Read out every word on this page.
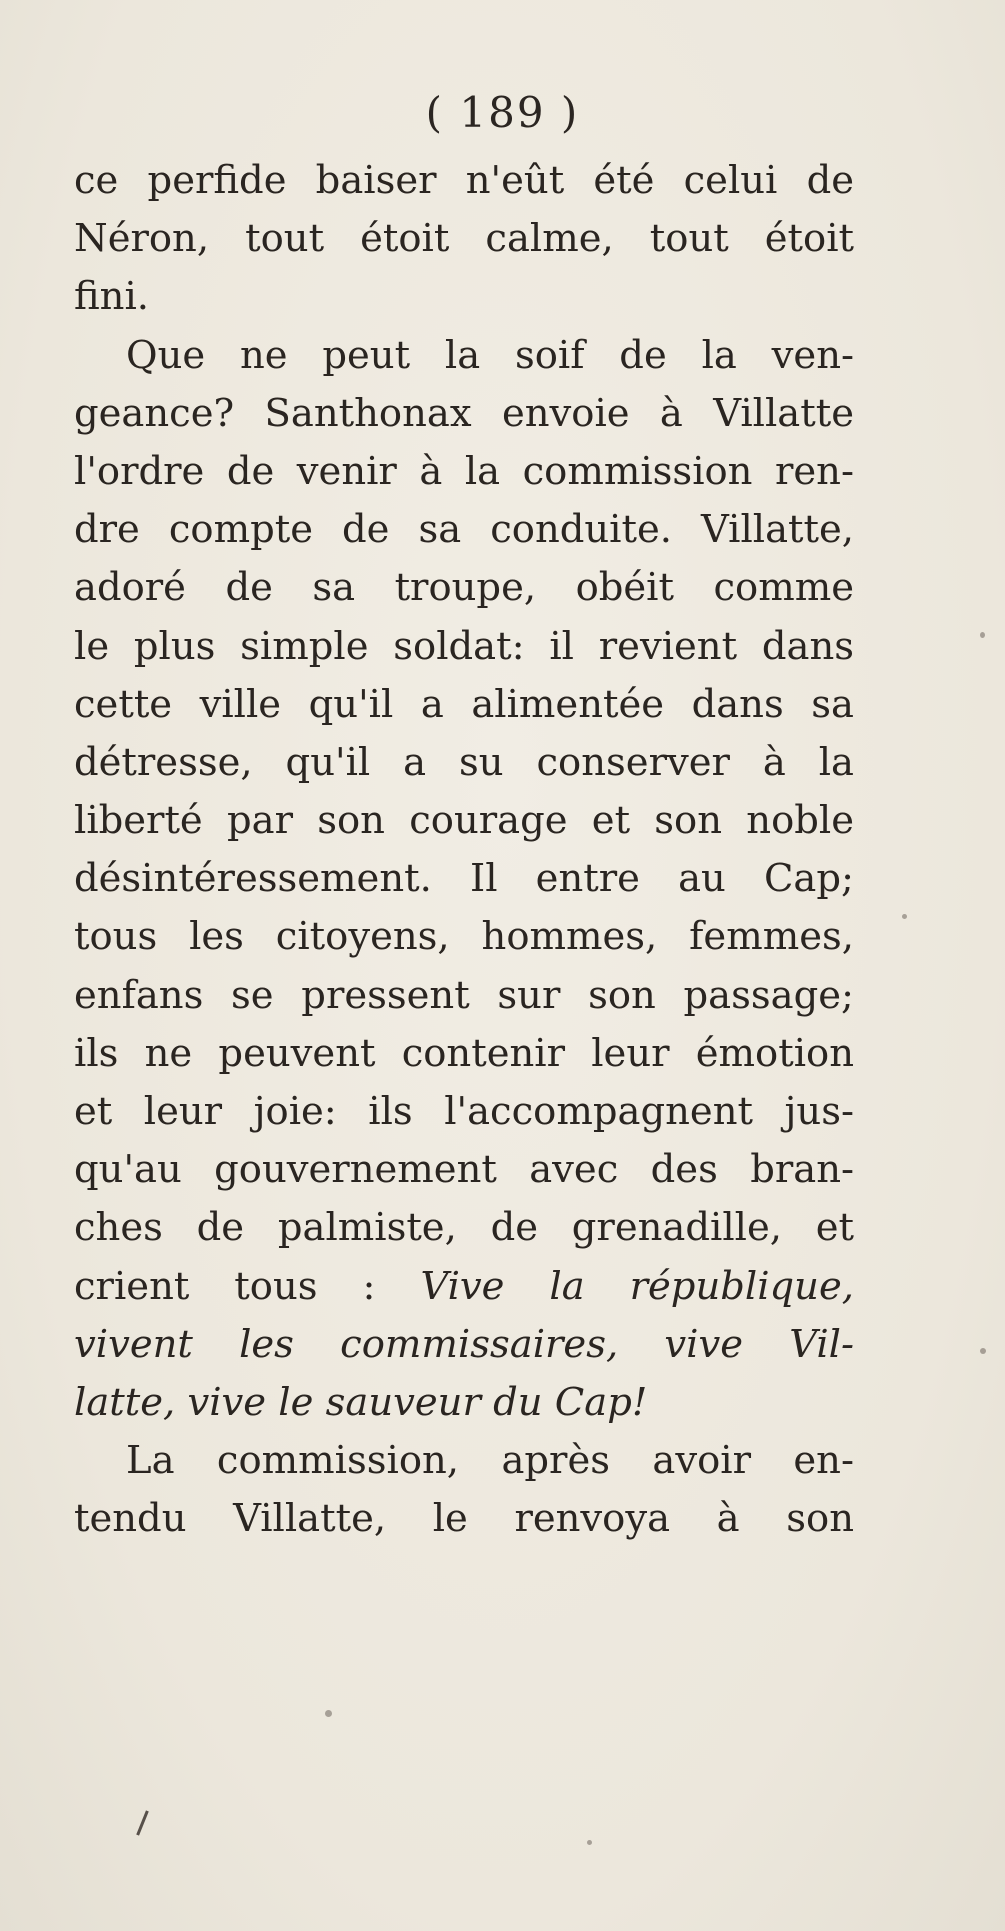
( 189 )
ce perfide baiser n'eût été celui de
Néron, tout étoit calme, tout étoit
fini.
Que ne peut la soif de la ven-
geance? Santhonax envoie à Villatte
l'ordre de venir à la commission ren-
dre compte de sa conduite. Villatte,
adoré de sa troupe, obéit comme
le plus simple soldat: il revient dans
cette ville qu'il a alimentée dans sa
détresse, qu'il a su conserver à la
liberté par son courage et son noble
désintéressement. Il entre au Cap;
tous les citoyens, hommes, femmes,
enfans se pressent sur son passage;
ils ne peuvent contenir leur émotion
et leur joie: ils l'accompagnent jus-
qu'au gouvernement avec des bran-
ches de palmiste, de grenadille, et
crient tous : Vive la république,
vivent les commissaires, vive Vil-
latte, vive le sauveur du Cap!
La commission, après avoir en-
tendu Villatte, le renvoya à son
